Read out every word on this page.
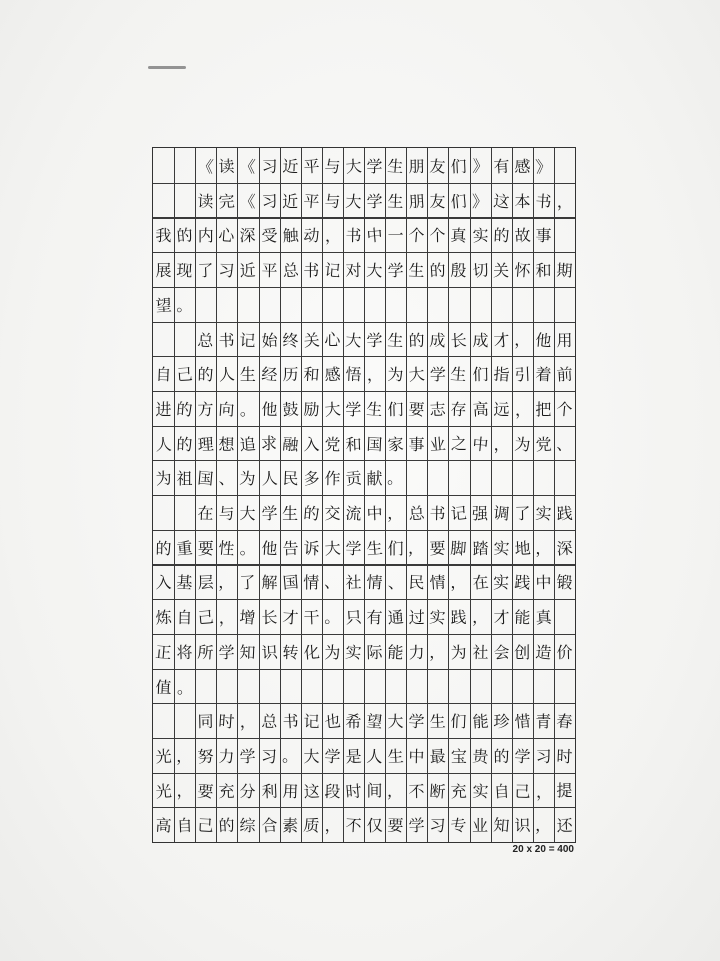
《 读 《 习 近 平 与 大 学 生 朋 友 们 》 有 感 》
读 完 《 习 近 平 与 大 学 生 朋 友 们 》 这 本 书 ，
我 的 内 心 深 受 触 动 ， 书 中 一 个 个 真 实 的 故 事
展 现 了 习 近 平 总 书 记 对 大 学 生 的 殷 切 关 怀 和 期
望 。
总 书 记 始 终 关 心 大 学 生 的 成 长 成 才 ， 他 用
自 己 的 人 生 经 历 和 感 悟 ， 为 大 学 生 们 指 引 着 前
进 的 方 向 。 他 鼓 励 大 学 生 们 要 志 存 高 远 ， 把 个
人 的 理 想 追 求 融 入 党 和 国 家 事 业 之 中 ， 为 党 、
为 祖 国 、 为 人 民 多 作 贡 献 。
在 与 大 学 生 的 交 流 中 ， 总 书 记 强 调 了 实 践
的 重 要 性 。 他 告 诉 大 学 生 们 ， 要 脚 踏 实 地 ， 深
入 基 层 ， 了 解 国 情 、 社 情 、 民 情 ， 在 实 践 中 锻
炼 自 己 ， 增 长 才 干 。 只 有 通 过 实 践 ， 才 能 真
正 将 所 学 知 识 转 化 为 实 际 能 力 ， 为 社 会 创 造 价
值 。
同 时 ， 总 书 记 也 希 望 大 学 生 们 能 珍 惜 青 春
光 ， 努 力 学 习 。 大 学 是 人 生 中 最 宝 贵 的 学 习 时
光 ， 要 充 分 利 用 这 段 时 间 ， 不 断 充 实 自 己 ， 提
高 自 己 的 综 合 素 质 ， 不 仅 要 学 习 专 业 知 识 ， 还
20 x 20 = 400
